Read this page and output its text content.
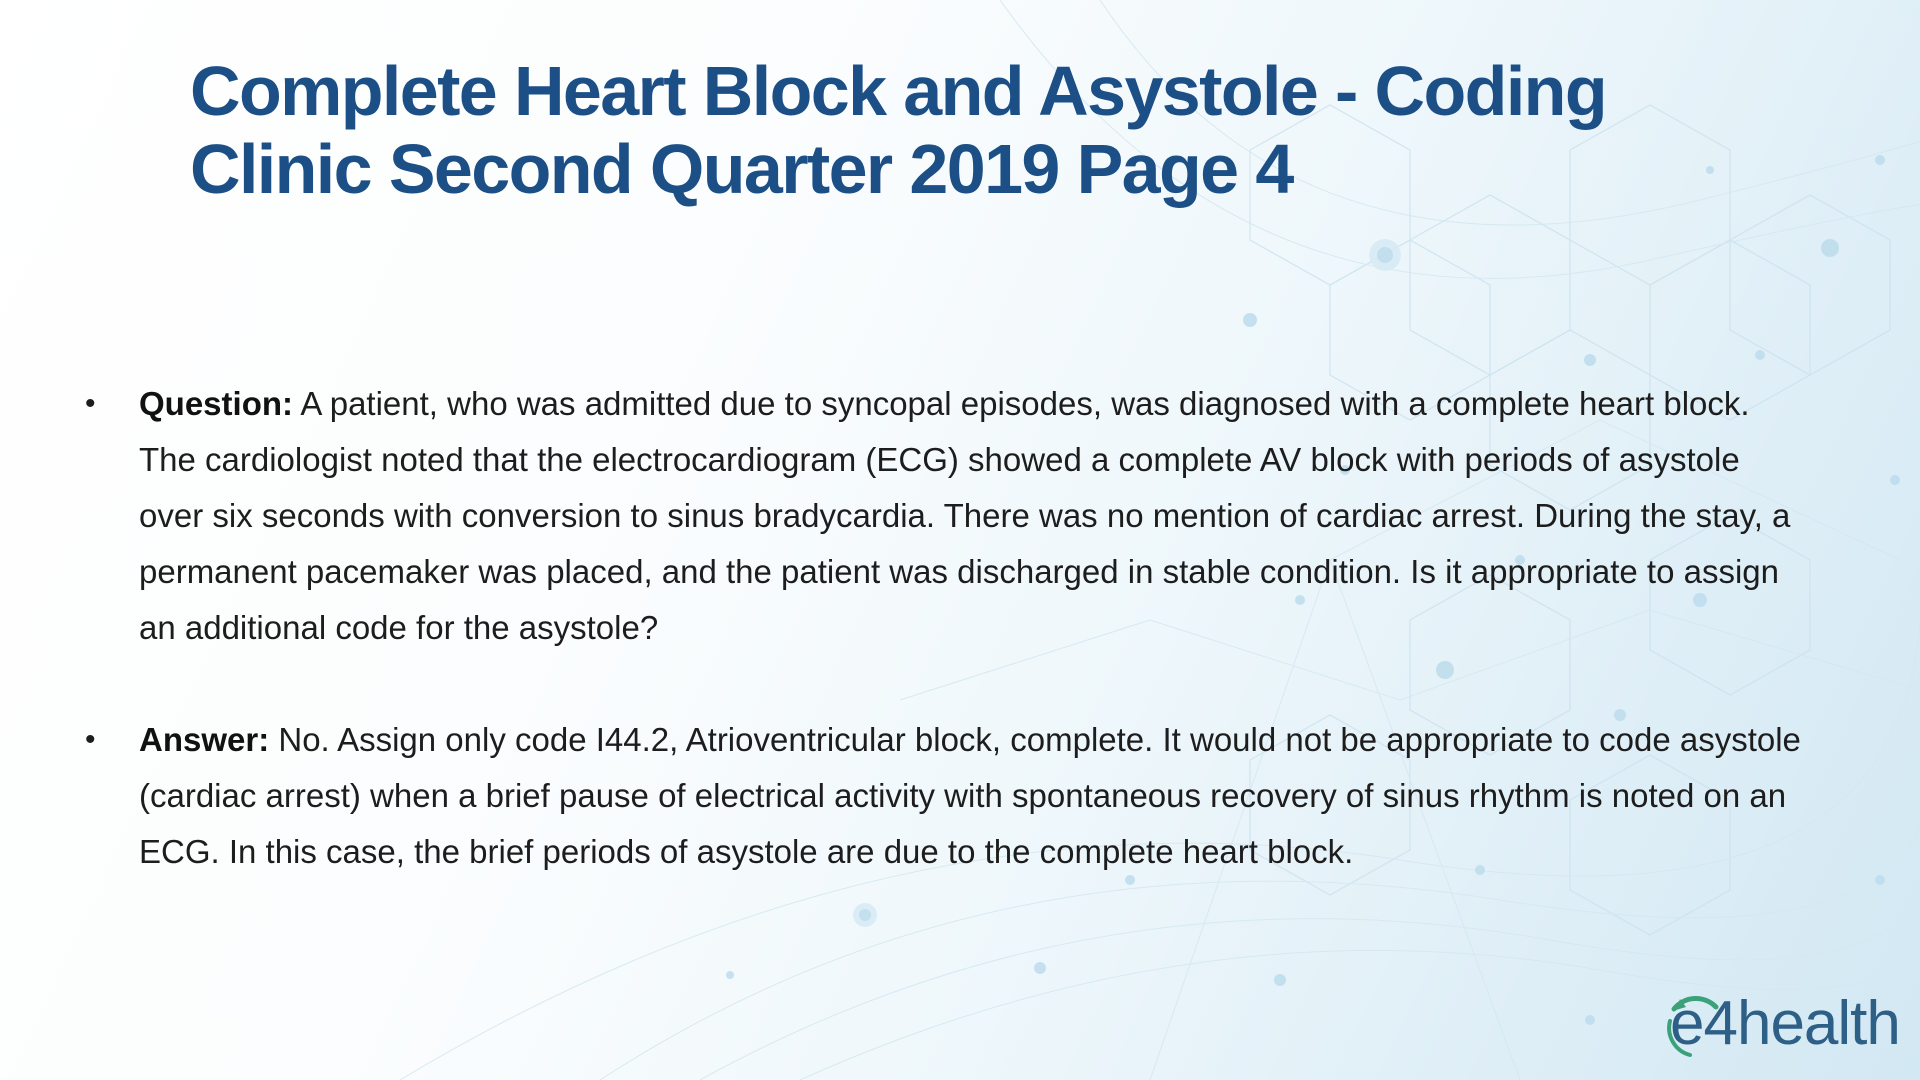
Complete Heart Block and Asystole - Coding Clinic Second Quarter 2019 Page 4
• Question: A patient, who was admitted due to syncopal episodes, was diagnosed with a complete heart block. The cardiologist noted that the electrocardiogram (ECG) showed a complete AV block with periods of asystole over six seconds with conversion to sinus bradycardia. There was no mention of cardiac arrest. During the stay, a permanent pacemaker was placed, and the patient was discharged in stable condition. Is it appropriate to assign an additional code for the asystole?
• Answer: No. Assign only code I44.2, Atrioventricular block, complete. It would not be appropriate to code asystole (cardiac arrest) when a brief pause of electrical activity with spontaneous recovery of sinus rhythm is noted on an ECG. In this case, the brief periods of asystole are due to the complete heart block.
e4health
